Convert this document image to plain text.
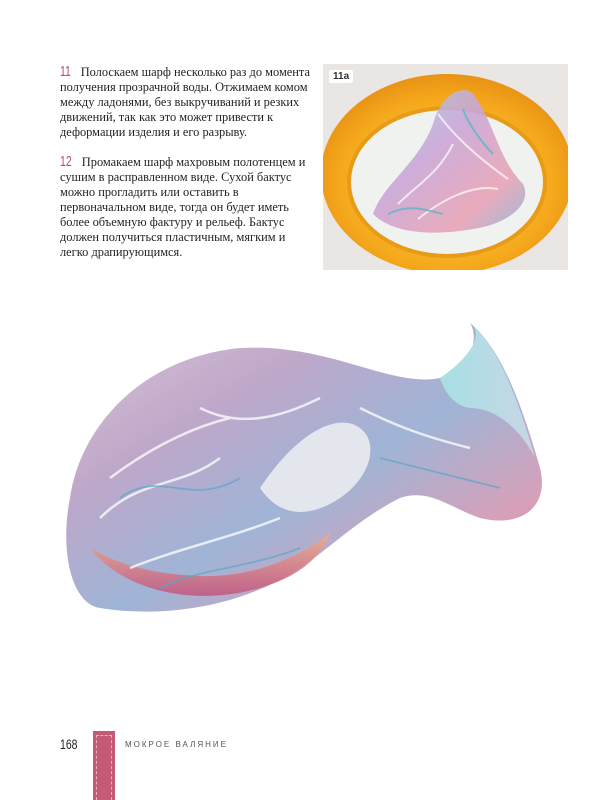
11 Полоскаем шарф несколько раз до момента получения прозрачной воды. Отжимаем комом между ладонями, без выкручиваний и резких движений, так как это может привести к деформации изделия и его разрыву.
12 Промакаем шарф махровым полотенцем и сушим в расправленном виде. Сухой бактус можно прогладить или оставить в первоначальном виде, тогда он будет иметь более объемную фактуру и рельеф. Бактус должен получиться пластичным, мягким и легко драпирующимся.
11а
168	МОКРОЕ ВАЛЯНИЕ
